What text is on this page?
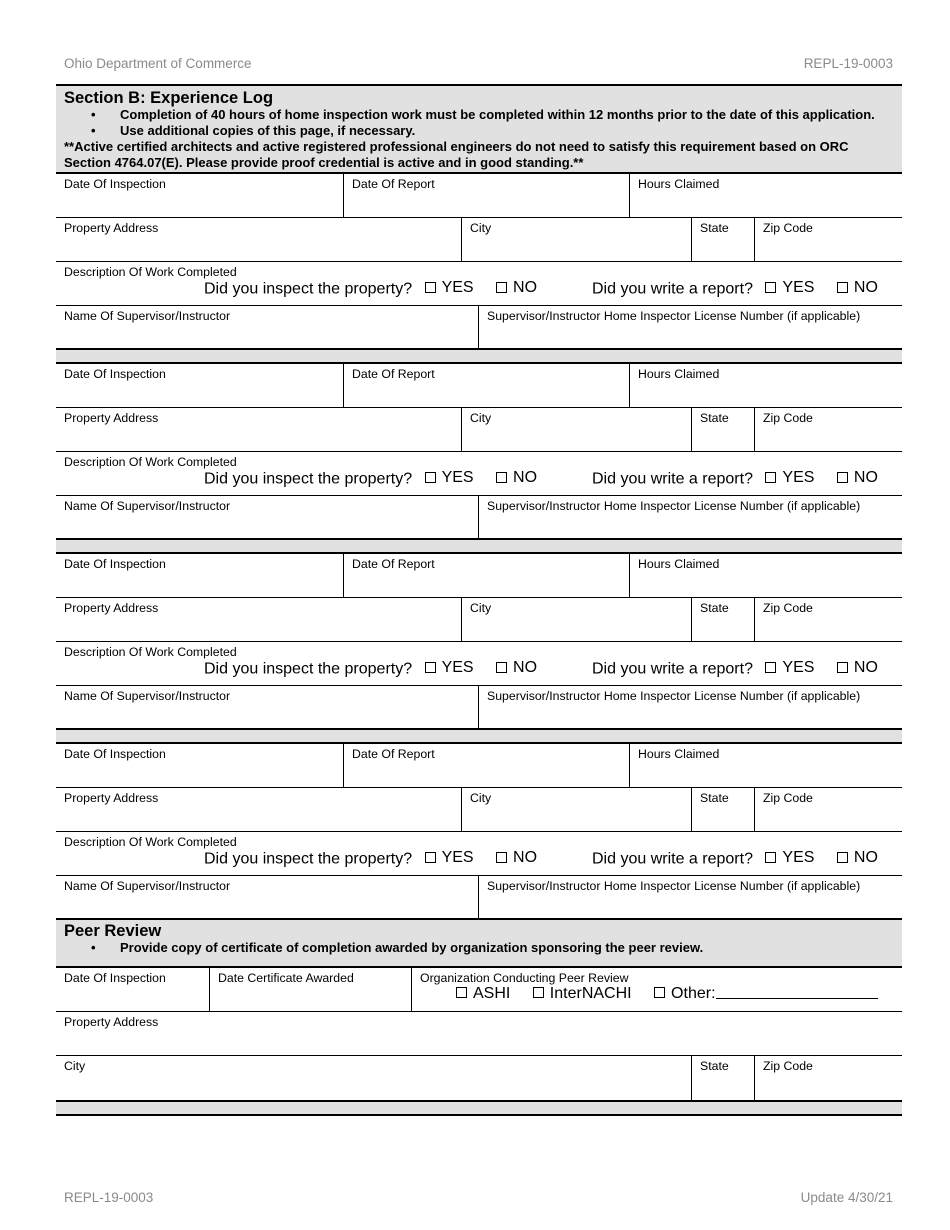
Ohio Department of Commerce	REPL-19-0003
Section B: Experience Log
• Completion of 40 hours of home inspection work must be completed within 12 months prior to the date of this application.
• Use additional copies of this page, if necessary.
**Active certified architects and active registered professional engineers do not need to satisfy this requirement based on ORC Section 4764.07(E). Please provide proof credential is active and in good standing.**
Date Of Inspection	Date Of Report	Hours Claimed
Property Address	City	State	Zip Code
Description Of Work Completed
Did you inspect the property? YES
NO	Did you write a report? YES
NO
Name Of Supervisor/Instructor	Supervisor/Instructor Home Inspector License Number (if applicable)
Date Of Inspection	Date Of Report	Hours Claimed
Property Address	City	State	Zip Code
Description Of Work Completed
Did you inspect the property? YES
NO	Did you write a report? YES
NO
Name Of Supervisor/Instructor	Supervisor/Instructor Home Inspector License Number (if applicable)
Date Of Inspection	Date Of Report	Hours Claimed
Property Address	City	State	Zip Code
Description Of Work Completed
Did you inspect the property? YES
NO	Did you write a report? YES
NO
Name Of Supervisor/Instructor	Supervisor/Instructor Home Inspector License Number (if applicable)
Date Of Inspection	Date Of Report	Hours Claimed
Property Address	City	State	Zip Code
Description Of Work Completed
Did you inspect the property? YES
NO	Did you write a report? YES
NO
Name Of Supervisor/Instructor	Supervisor/Instructor Home Inspector License Number (if applicable)
Peer Review
• Provide copy of certificate of completion awarded by organization sponsoring the peer review.
Date Of Inspection	Date Certificate Awarded	Organization Conducting Peer Review
ASHI
InterNACHI
Other:
Property Address
City	State	Zip Code
REPL-19-0003	Update 4/30/21
